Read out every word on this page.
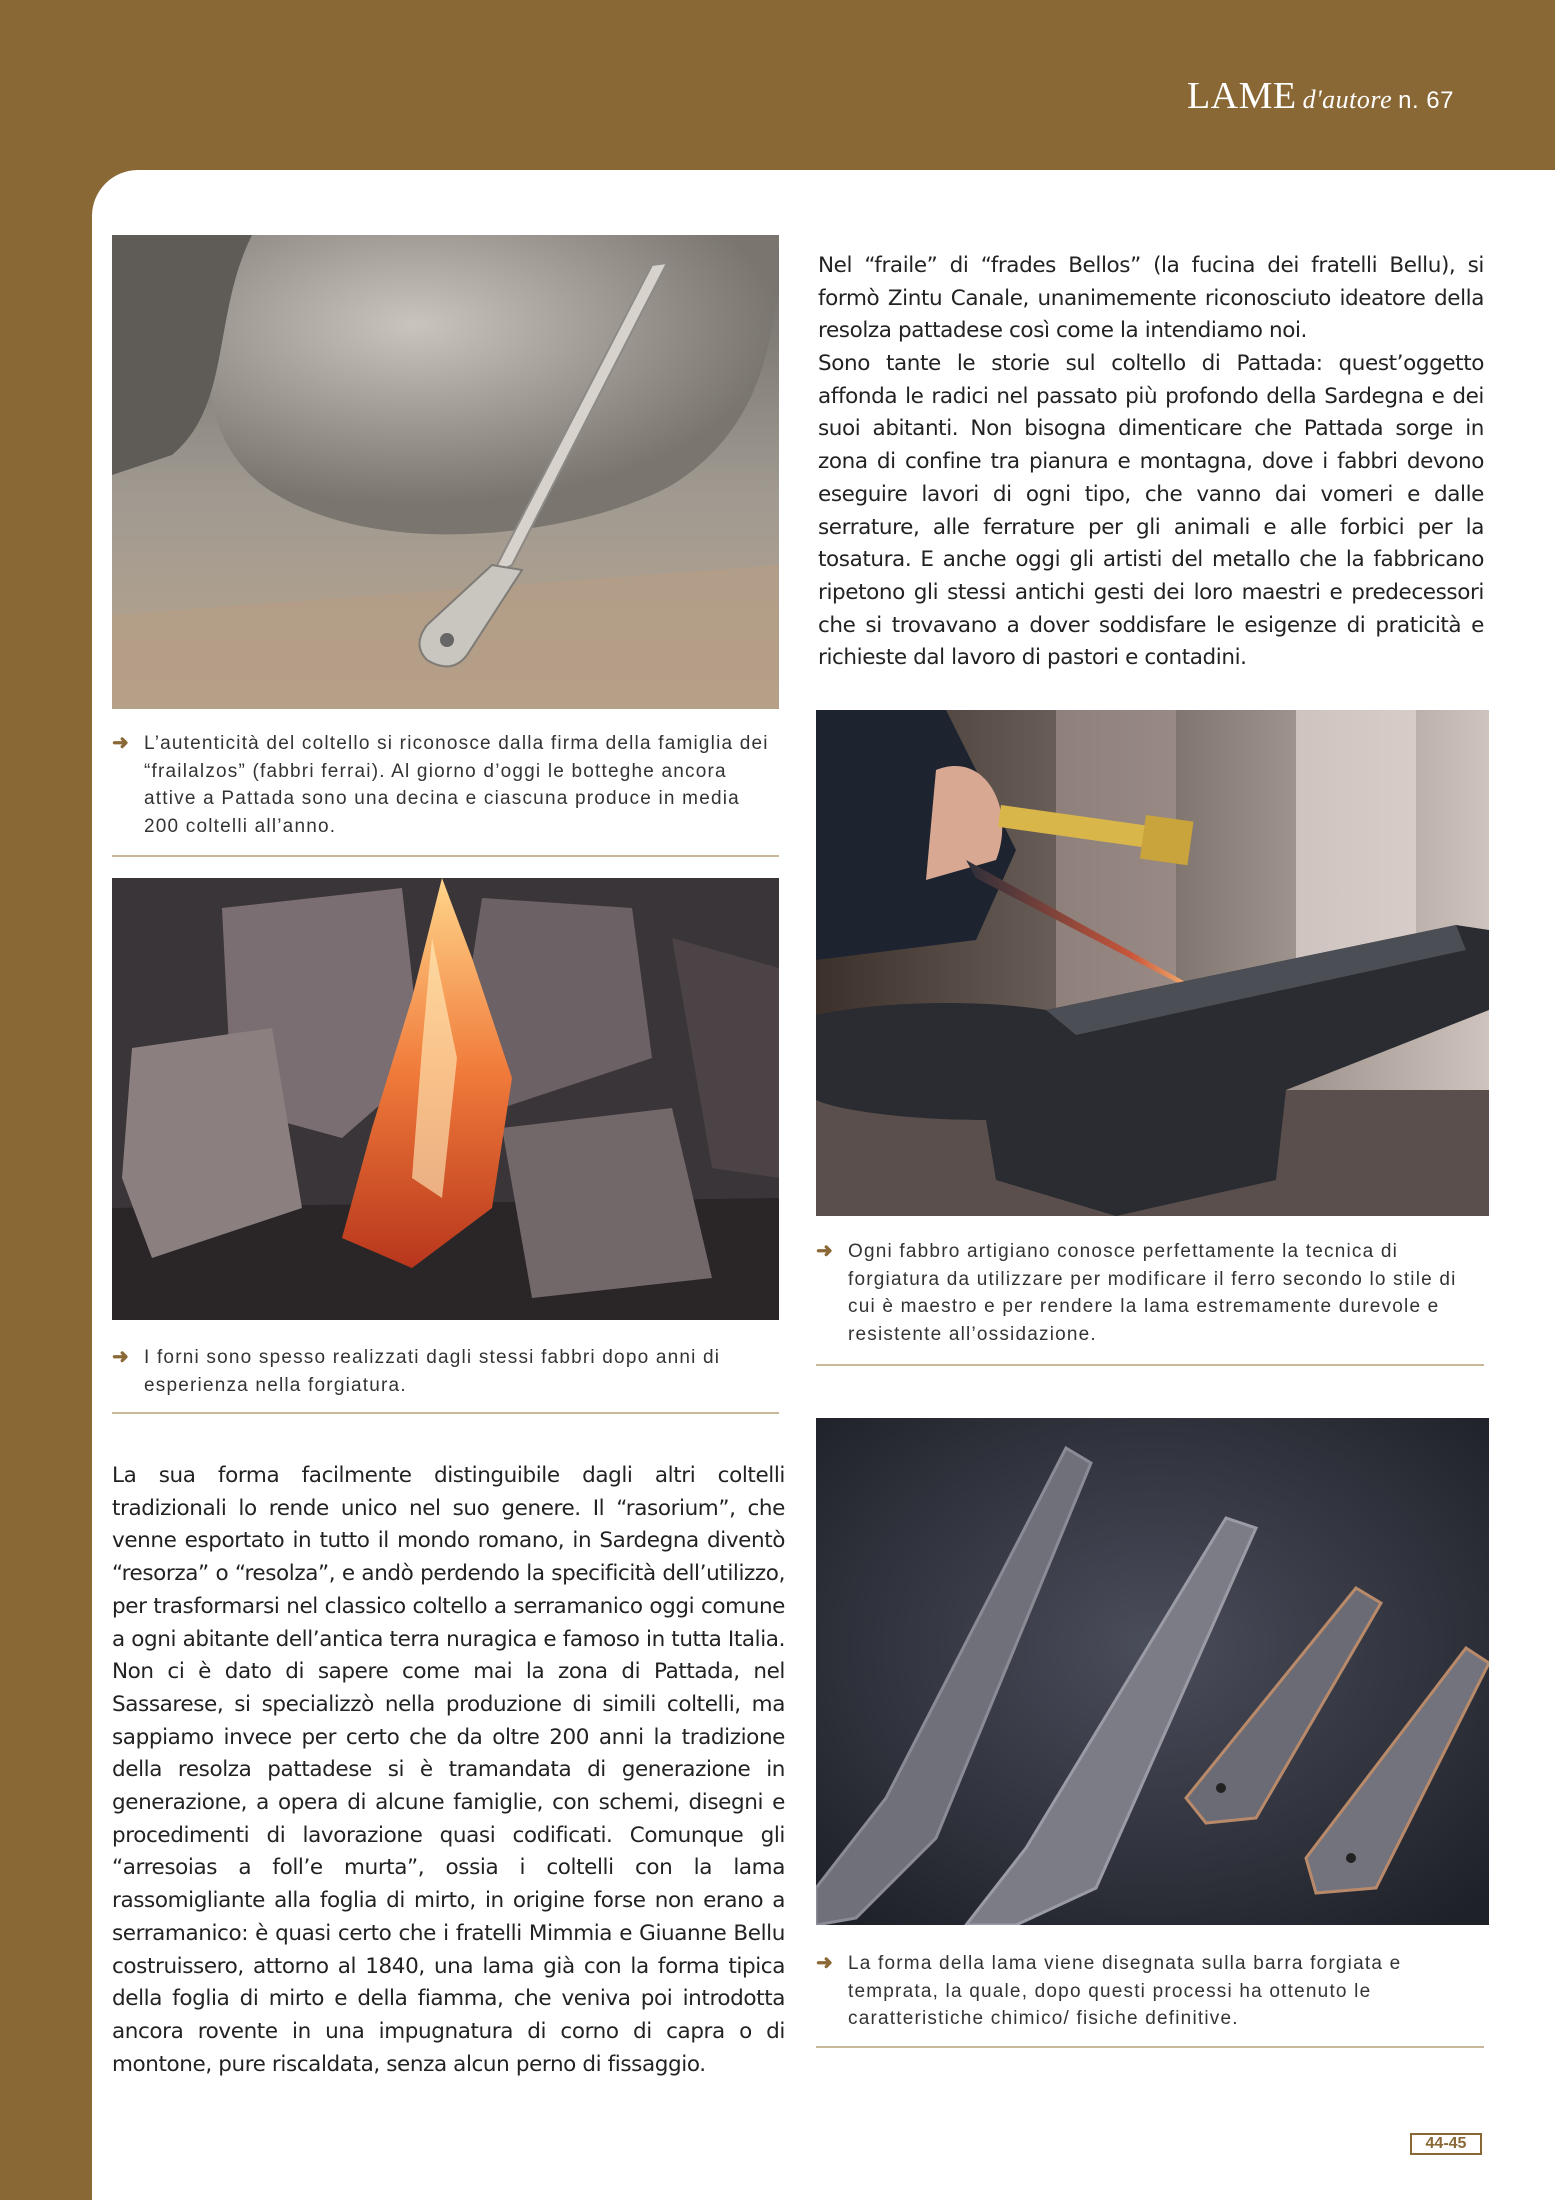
LAME d'autore n. 67

Nel “fraile” di “frades Bellos” (la fucina dei fratelli Bellu), si formò Zintu Canale, unanimemente riconosciuto ideatore della resolza pattadese così come la intendiamo noi.

Sono tante le storie sul coltello di Pattada: quest’oggetto affonda le radici nel passato più profondo della Sardegna e dei suoi abitanti. Non bisogna dimenticare che Pattada sorge in zona di confine tra pianura e montagna, dove i fabbri devono eseguire lavori di ogni tipo, che vanno dai vomeri e dalle serrature, alle ferrature per gli animali e alle forbici per la tosatura. E anche oggi gli artisti del metallo che la fabbricano ripetono gli stessi antichi gesti dei loro maestri e predecessori che si trovavano a dover soddisfare le esigenze di praticità e richieste dal lavoro di pastori e contadini.

➜ L’autenticità del coltello si riconosce dalla firma della famiglia dei “frailalzos” (fabbri ferrai). Al giorno d’oggi le botteghe ancora attive a Pattada sono una decina e ciascuna produce in media 200 coltelli all’anno.

➜ Ogni fabbro artigiano conosce perfettamente la tecnica di forgiatura da utilizzare per modificare il ferro secondo lo stile di cui è maestro e per rendere la lama estremamente durevole e resistente all’ossidazione.

➜ I forni sono spesso realizzati dagli stessi fabbri dopo anni di esperienza nella forgiatura.

La sua forma facilmente distinguibile dagli altri coltelli tradizionali lo rende unico nel suo genere. Il “rasorium”, che venne esportato in tutto il mondo romano, in Sardegna diventò “resorza” o “resolza”, e andò perdendo la specificità dell’utilizzo, per trasformarsi nel classico coltello a serramanico oggi comune a ogni abitante dell’antica terra nuragica e famoso in tutta Italia. Non ci è dato di sapere come mai la zona di Pattada, nel Sassarese, si specializzò nella produzione di simili coltelli, ma sappiamo invece per certo che da oltre 200 anni la tradizione della resolza pattadese si è tramandata di generazione in generazione, a opera di alcune famiglie, con schemi, disegni e procedimenti di lavorazione quasi codificati. Comunque gli “arresoias a foll’e murta”, ossia i coltelli con la lama rassomigliante alla foglia di mirto, in origine forse non erano a serramanico: è quasi certo che i fratelli Mimmia e Giuanne Bellu costruissero, attorno al 1840, una lama già con la forma tipica della foglia di mirto e della fiamma, che veniva poi introdotta ancora rovente in una impugnatura di corno di capra o di montone, pure riscaldata, senza alcun perno di fissaggio.

➜ La forma della lama viene disegnata sulla barra forgiata e temprata, la quale, dopo questi processi ha ottenuto le caratteristiche chimico/ fisiche definitive.

44-45
